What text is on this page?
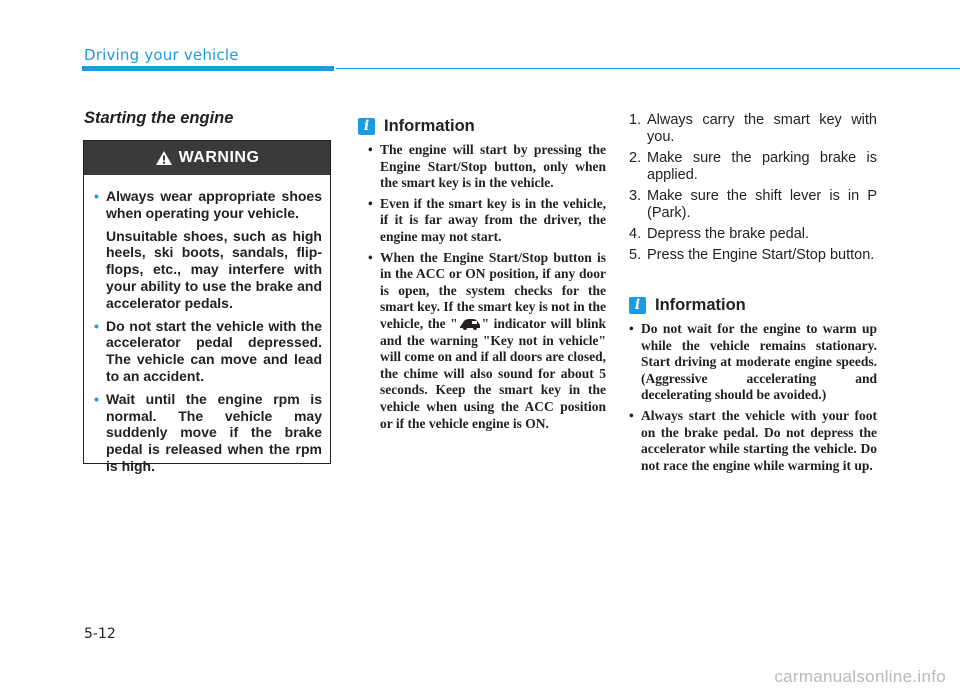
Driving your vehicle
Starting the engine
WARNING
• Always wear appropriate shoes when operating your vehicle.

Unsuitable shoes, such as high heels, ski boots, sandals, flip-flops, etc., may interfere with your ability to use the brake and accelerator pedals.

• Do not start the vehicle with the accelerator pedal depressed. The vehicle can move and lead to an accident.

• Wait until the engine rpm is normal. The vehicle may suddenly move if the brake pedal is released when the rpm is high.

i Information
• The engine will start by pressing the Engine Start/Stop button, only when the smart key is in the vehicle.
• Even if the smart key is in the vehicle, if it is far away from the driver, the engine may not start.
• When the Engine Start/Stop button is in the ACC or ON position, if any door is open, the system checks for the smart key. If the smart key is not in the vehicle, the " " indicator will blink and the warning "Key not in vehicle" will come on and if all doors are closed, the chime will also sound for about 5 seconds. Keep the smart key in the vehicle when using the ACC position or if the vehicle engine is ON.
1. Always carry the smart key with you.
2. Make sure the parking brake is applied.
3. Make sure the shift lever is in P (Park).
4. Depress the brake pedal.
5. Press the Engine Start/Stop button.
i Information
• Do not wait for the engine to warm up while the vehicle remains stationary. Start driving at moderate engine speeds. (Aggressive accelerating and decelerating should be avoided.)
• Always start the vehicle with your foot on the brake pedal. Do not depress the accelerator while starting the vehicle. Do not race the engine while warming it up.
5-12
carmanualsonline.info
